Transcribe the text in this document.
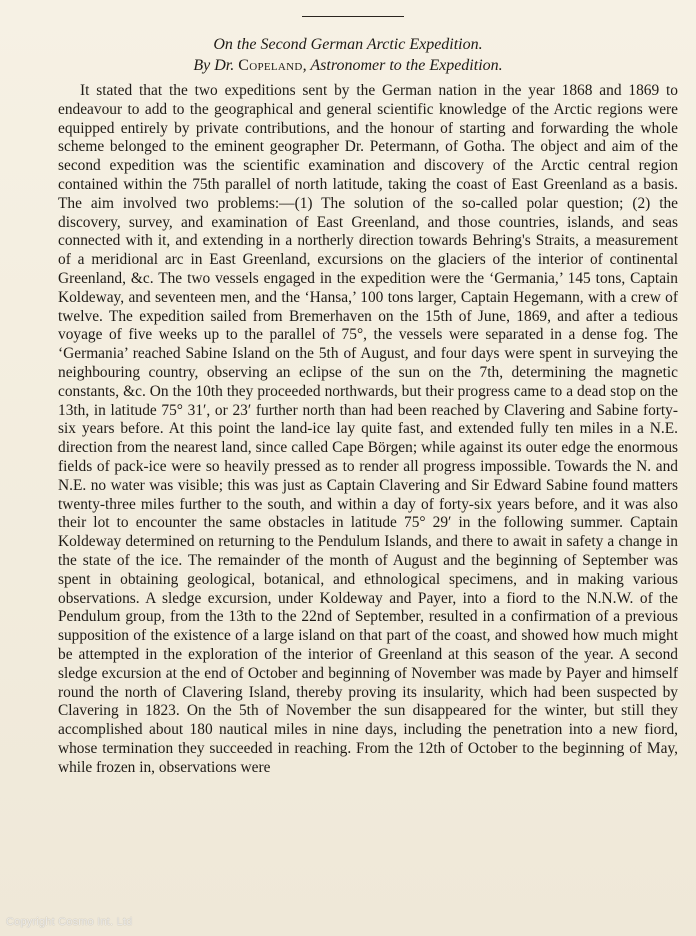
On the Second German Arctic Expedition.
By Dr. Copeland, Astronomer to the Expedition.

It stated that the two expeditions sent by the German nation in the year 1868 and 1869 to endeavour to add to the geographical and general scientific knowledge of the Arctic regions were equipped entirely by private contributions, and the honour of starting and forwarding the whole scheme belonged to the eminent geographer Dr. Petermann, of Gotha. The object and aim of the second expedition was the scientific examination and discovery of the Arctic central region contained within the 75th parallel of north latitude, taking the coast of East Greenland as a basis. The aim involved two problems:—(1) The solution of the so-called polar question; (2) the discovery, survey, and examination of East Greenland, and those countries, islands, and seas connected with it, and extending in a northerly direction towards Behring's Straits, a measurement of a meridional arc in East Greenland, excursions on the glaciers of the interior of continental Greenland, &c. The two vessels engaged in the expedition were the ‘Germania,’ 145 tons, Captain Koldeway, and seventeen men, and the ‘Hansa,’ 100 tons larger, Captain Hegemann, with a crew of twelve. The expedition sailed from Bremerhaven on the 15th of June, 1869, and after a tedious voyage of five weeks up to the parallel of 75°, the vessels were separated in a dense fog. The ‘Germania’ reached Sabine Island on the 5th of August, and four days were spent in surveying the neighbouring country, observing an eclipse of the sun on the 7th, determining the magnetic constants, &c. On the 10th they proceeded northwards, but their progress came to a dead stop on the 13th, in latitude 75° 31′, or 23′ further north than had been reached by Clavering and Sabine forty-six years before. At this point the land-ice lay quite fast, and extended fully ten miles in a N.E. direction from the nearest land, since called Cape Börgen; while against its outer edge the enormous fields of pack-ice were so heavily pressed as to render all progress impossible. Towards the N. and N.E. no water was visible; this was just as Captain Clavering and Sir Edward Sabine found matters twenty-three miles further to the south, and within a day of forty-six years before, and it was also their lot to encounter the same obstacles in latitude 75° 29′ in the following summer. Captain Koldeway determined on returning to the Pendulum Islands, and there to await in safety a change in the state of the ice. The remainder of the month of August and the beginning of September was spent in obtaining geological, botanical, and ethnological specimens, and in making various observations. A sledge excursion, under Koldeway and Payer, into a fiord to the N.N.W. of the Pendulum group, from the 13th to the 22nd of September, resulted in a confirmation of a previous supposition of the existence of a large island on that part of the coast, and showed how much might be attempted in the exploration of the interior of Greenland at this season of the year. A second sledge excursion at the end of October and beginning of November was made by Payer and himself round the north of Clavering Island, thereby proving its insularity, which had been suspected by Clavering in 1823. On the 5th of November the sun disappeared for the winter, but still they accomplished about 180 nautical miles in nine days, including the penetration into a new fiord, whose termination they succeeded in reaching. From the 12th of October to the beginning of May, while frozen in, observations were

Copyright Cosmo Int. Ltd
